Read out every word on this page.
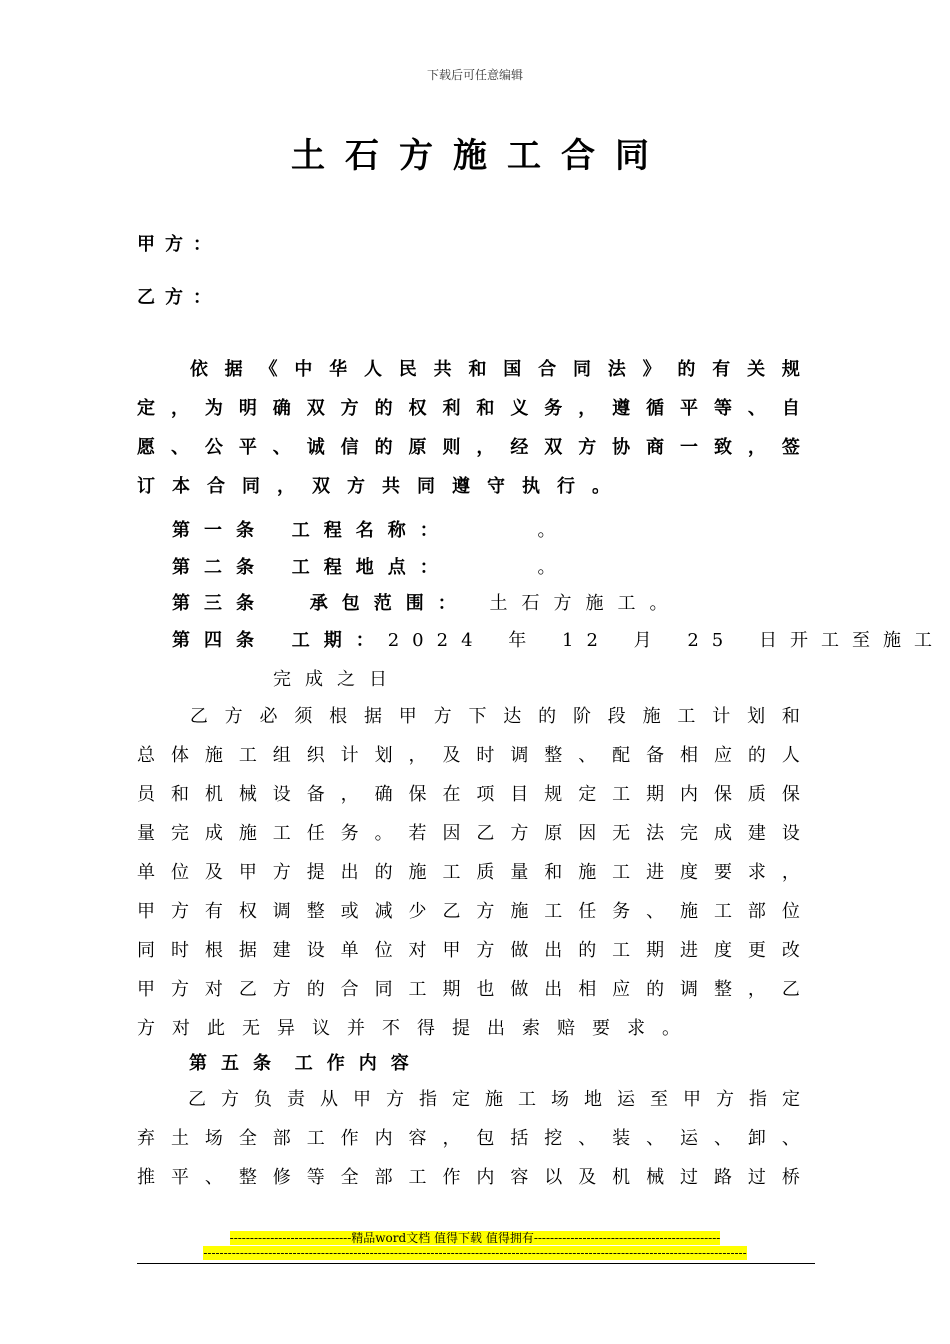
下载后可任意编辑
土石方施工合同
甲方：
乙方：
依 据 《 中 华 人 民 共 和 国 合 同 法 》 的 有 关 规
定 ， 为 明 确 双 方 的 权 利 和 义 务 ， 遵 循 平 等 、 自
愿 、 公 平 、 诚 信 的 原 则 ， 经 双 方 协 商 一 致 ， 签
订 本 合 同 ， 双 方 共 同 遵 守 执 行 。
第一条 工程名称：	。
第二条 工程地点：	。
第三条 承包范围： 土石方施工。
第四条 工期： 2024 年 12 月 25 日开工至施工
完成之日
乙 方 必 须 根 据 甲 方 下 达 的 阶 段 施 工 计 划 和
总 体 施 工 组 织 计 划 ， 及 时 调 整 、 配 备 相 应 的 人
员 和 机 械 设 备 ， 确 保 在 项 目 规 定 工 期 内 保 质 保
量 完 成 施 工 任 务 。 若 因 乙 方 原 因 无 法 完 成 建 设
单 位 及 甲 方 提 出 的 施 工 质 量 和 施 工 进 度 要 求 ，
甲 方 有 权 调 整 或 减 少 乙 方 施 工 任 务 、 施 工 部 位
同 时 根 据 建 设 单 位 对 甲 方 做 出 的 工 期 进 度 更 改
甲 方 对 乙 方 的 合 同 工 期 也 做 出 相 应 的 调 整 ， 乙
方 对 此 无 异 议 并 不 得 提 出 索 赔 要 求 。
第五条 工作内容
乙 方 负 责 从 甲 方 指 定 施 工 场 地 运 至 甲 方 指 定
弃 土 场 全 部 工 作 内 容 ， 包 括 挖 、 装 、 运 、 卸 、
推 平 、 整 修 等 全 部 工 作 内 容 以 及 机 械 过 路 过 桥
------------------------------精品word文档 值得下载 值得拥有----------------------------------------------
--------------------------------------------------------------------------------------------------------------------------------------
